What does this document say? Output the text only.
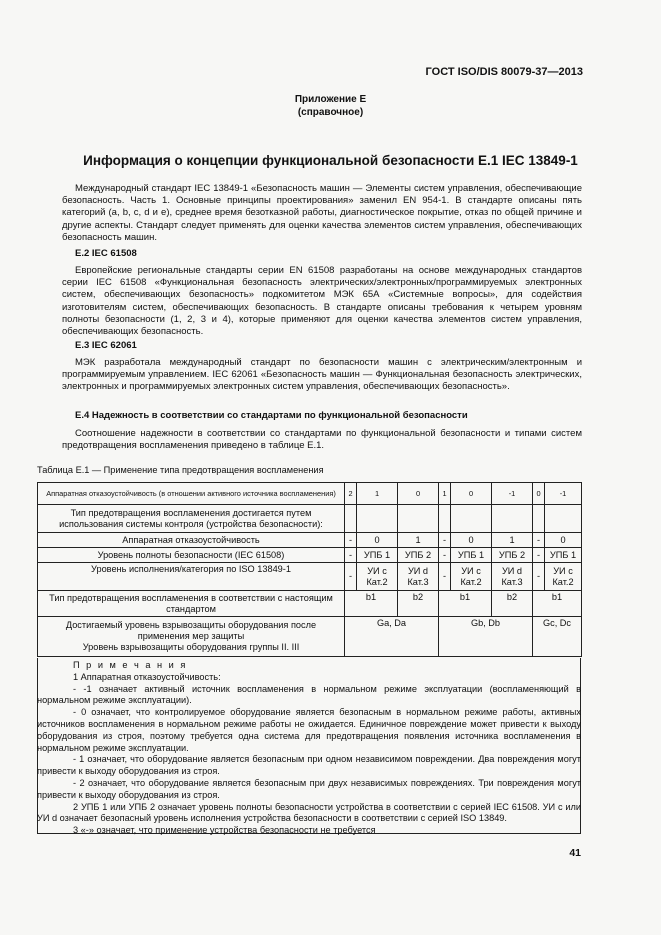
ГОСТ ISO/DIS 80079-37—2013
Приложение Е
(справочное)
Информация о концепции функциональной безопасности Е.1 IEC 13849-1
Международный стандарт IEC 13849-1 «Безопасность машин — Элементы систем управления, обеспечивающие безопасность. Часть 1. Основные принципы проектирования» заменил EN 954-1. В стандарте описаны пять категорий (a, b, c, d и e), среднее время безотказной работы, диагностическое покрытие, отказ по общей причине и другие аспекты. Стандарт следует применять для оценки качества элементов систем управления, обеспечивающих безопасность машин.
Е.2 IEC 61508
Европейские региональные стандарты серии EN 61508 разработаны на основе международных стандартов серии IEC 61508 «Функциональная безопасность электрических/электронных/программируемых электронных систем, обеспечивающих безопасность» подкомитетом МЭК 65А «Системные вопросы», для содействия изготовителям систем, обеспечивающих безопасность. В стандарте описаны требования к четырем уровням полноты безопасности (1, 2, 3 и 4), которые применяют для оценки качества элементов систем управления, обеспечивающих безопасность.
Е.3 IEC 62061
МЭК разработала международный стандарт по безопасности машин с электрическим/электронным и программируемым управлением. IEC 62061 «Безопасность машин — Функциональная безопасность электрических, электронных и программируемых электронных систем управления, обеспечивающих безопасность».
Е.4 Надежность в соответствии со стандартами по функциональной безопасности
Соотношение надежности в соответствии со стандартами по функциональной безопасности и типами систем предотвращения воспламенения приведено в таблице Е.1.
Таблица Е.1 — Применение типа предотвращения воспламенения
Аппаратная отказоустойчивость (в отношении активного источника воспламенения)	2	1	0	1	0	-1	0	-1
Тип предотвращения воспламенения достигается путем использования системы контроля (устройства безопасности):								
Аппаратная отказоустойчивость	-	0	1	-	0	1	-	0
Уровень полноты безопасности (IEC 61508)	-	УПБ 1	УПБ 2	-	УПБ 1	УПБ 2	-	УПБ 1
Уровень исполнения/категория по ISO 13849-1	-	УИ с Кат.2	УИ d Кат.3	-	УИ с Кат.2	УИ d Кат.3	-	УИ с Кат.2
Тип предотвращения воспламенения в соответствии с настоящим стандартом	b1		b2	b1		b2	b1	

Достигаемый уровень взрывозащиты оборудования после применения мер защиты
Уровень взрывозащиты оборудования группы II. III	Ga, Da			Gb, Db			Gc, Dc	
П р и м е ч а н и я
1 Аппаратная отказоустойчивость:
- -1 означает активный источник воспламенения в нормальном режиме эксплуатации (воспламеняющий в нормальном режиме эксплуатации).
- 0 означает, что контролируемое оборудование является безопасным в нормальном режиме работы, активных источников воспламенения в нормальном режиме работы не ожидается. Единичное повреждение может привести к выходу оборудования из строя, поэтому требуется одна система для предотвращения появления источника воспламенения в нормальном режиме эксплуатации.
- 1 означает, что оборудование является безопасным при одном независимом повреждении. Два повреждения могут привести к выходу оборудования из строя.
- 2 означает, что оборудование является безопасным при двух независимых повреждениях. Три повреждения могут привести к выходу оборудования из строя.
2 УПБ 1 или УПБ 2 означает уровень полноты безопасности устройства в соответствии с серией IEC 61508. УИ с или УИ d означает безопасный уровень исполнения устройства безопасности в соответствии с серией ISO 13849.
3 «-» означает, что применение устройства безопасности не требуется
41
